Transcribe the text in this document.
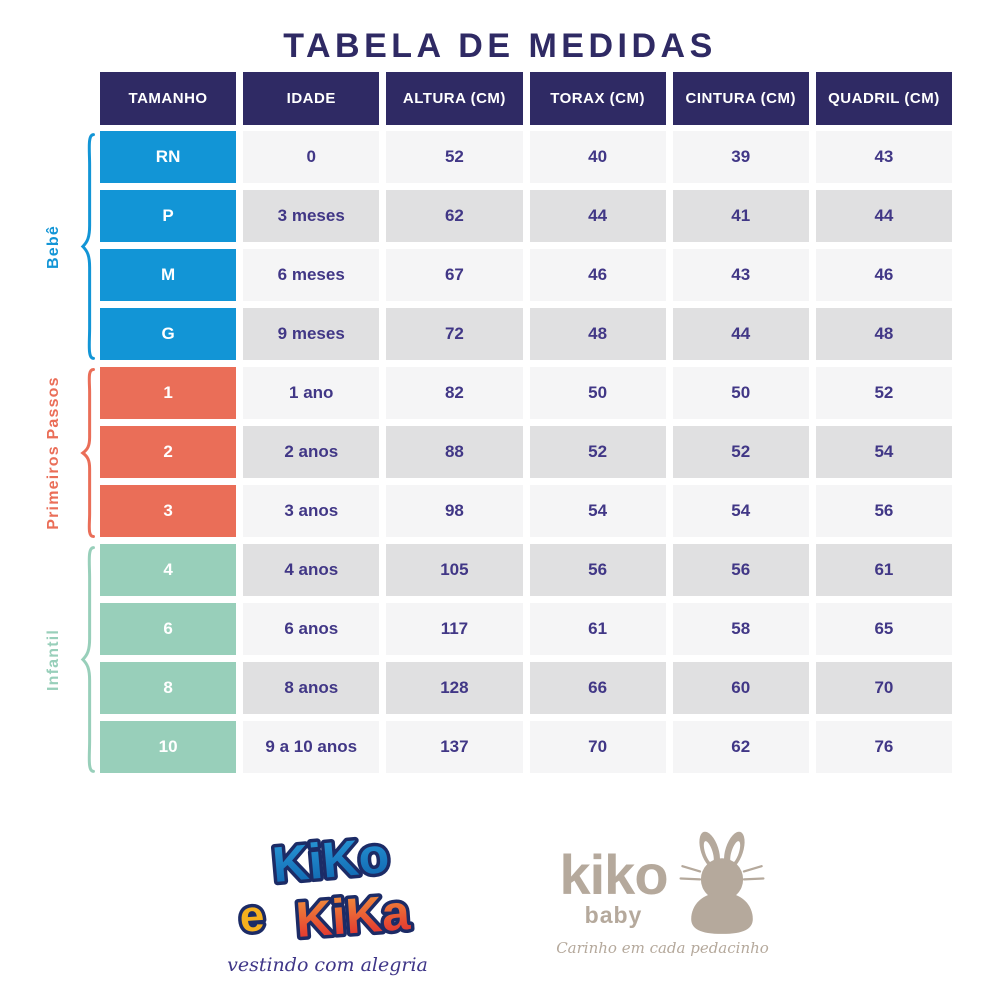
TABELA DE MEDIDAS
TAMANHO	IDADE	ALTURA (CM)	TORAX (CM)	CINTURA (CM)	QUADRIL (CM)
RN	0	52	40	39	43
P	3 meses	62	44	41	44
M	6 meses	67	46	43	46
G	9 meses	72	48	44	48
1	1 ano	82	50	50	52
2	2 anos	88	52	52	54
3	3 anos	98	54	54	56
4	4 anos	105	56	56	61
6	6 anos	117	61	58	65
8	8 anos	128	66	60	70
10	9 a 10 anos	137	70	62	76
Bebê
Primeiros Passos
Infantil
KiKo
e KiKa
vestindo com alegria
kiko
baby
Carinho em cada pedacinho
